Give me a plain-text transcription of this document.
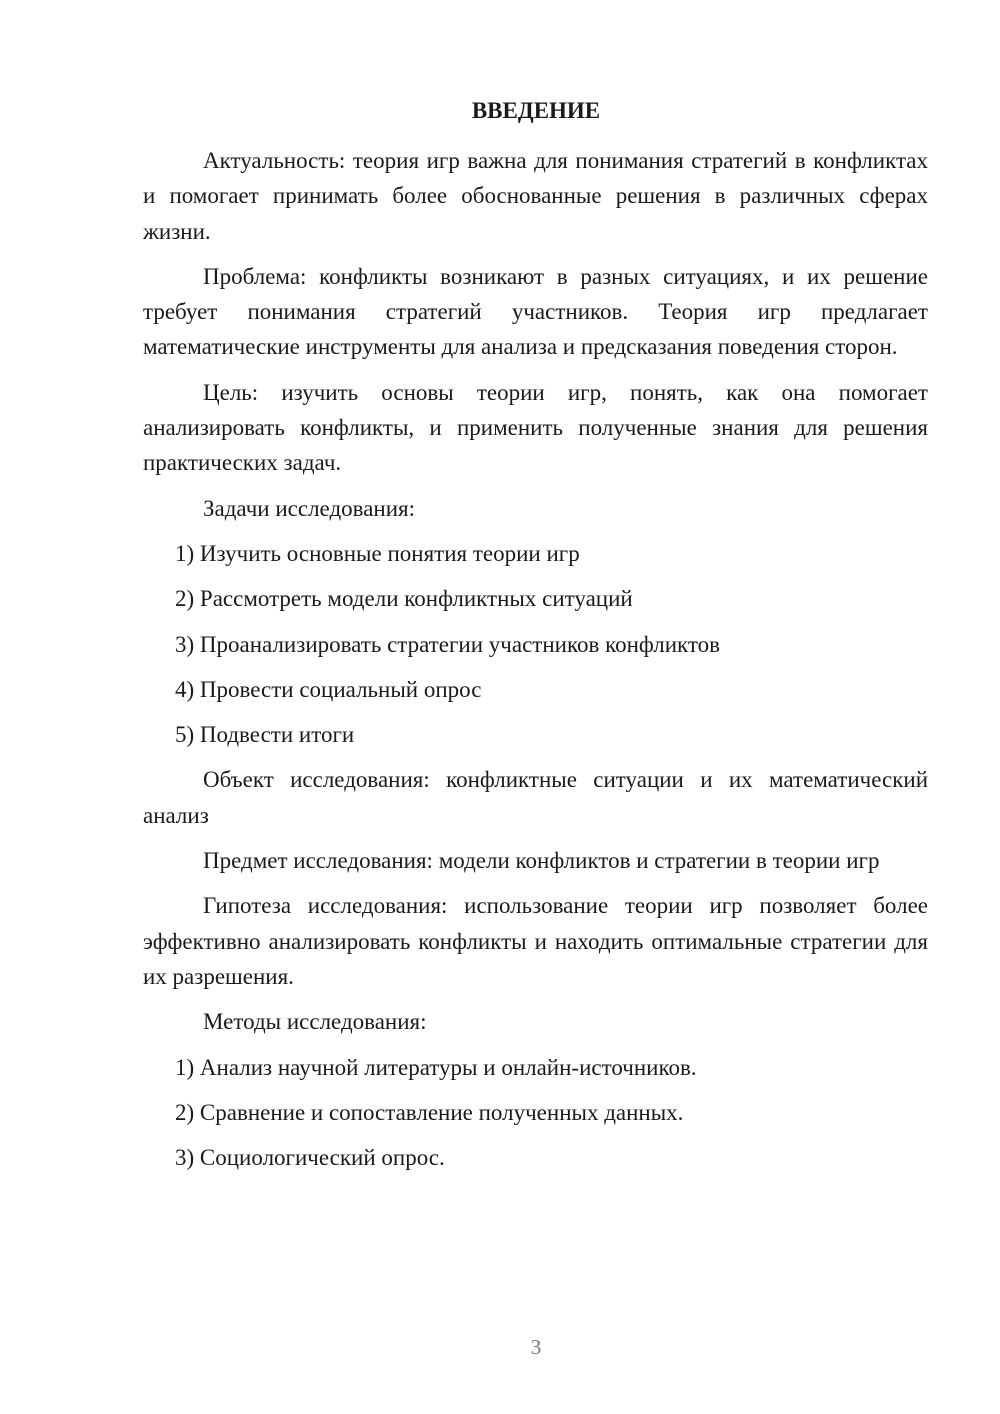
ВВЕДЕНИЕ

Актуальность: теория игр важна для понимания стратегий в конфликтах и помогает принимать более обоснованные решения в различных сферах жизни.

Проблема: конфликты возникают в разных ситуациях, и их решение требует понимания стратегий участников. Теория игр предлагает математические инструменты для анализа и предсказания поведения сторон.

Цель: изучить основы теории игр, понять, как она помогает анализировать конфликты, и применить полученные знания для решения практических задач.

Задачи исследования:

1) Изучить основные понятия теории игр
2) Рассмотреть модели конфликтных ситуаций
3) Проанализировать стратегии участников конфликтов
4) Провести социальный опрос
5) Подвести итоги

Объект исследования: конфликтные ситуации и их математический анализ

Предмет исследования: модели конфликтов и стратегии в теории игр

Гипотеза исследования: использование теории игр позволяет более эффективно анализировать конфликты и находить оптимальные стратегии для их разрешения.

Методы исследования:

1) Анализ научной литературы и онлайн-источников.
2) Сравнение и сопоставление полученных данных.
3) Социологический опрос.
3
